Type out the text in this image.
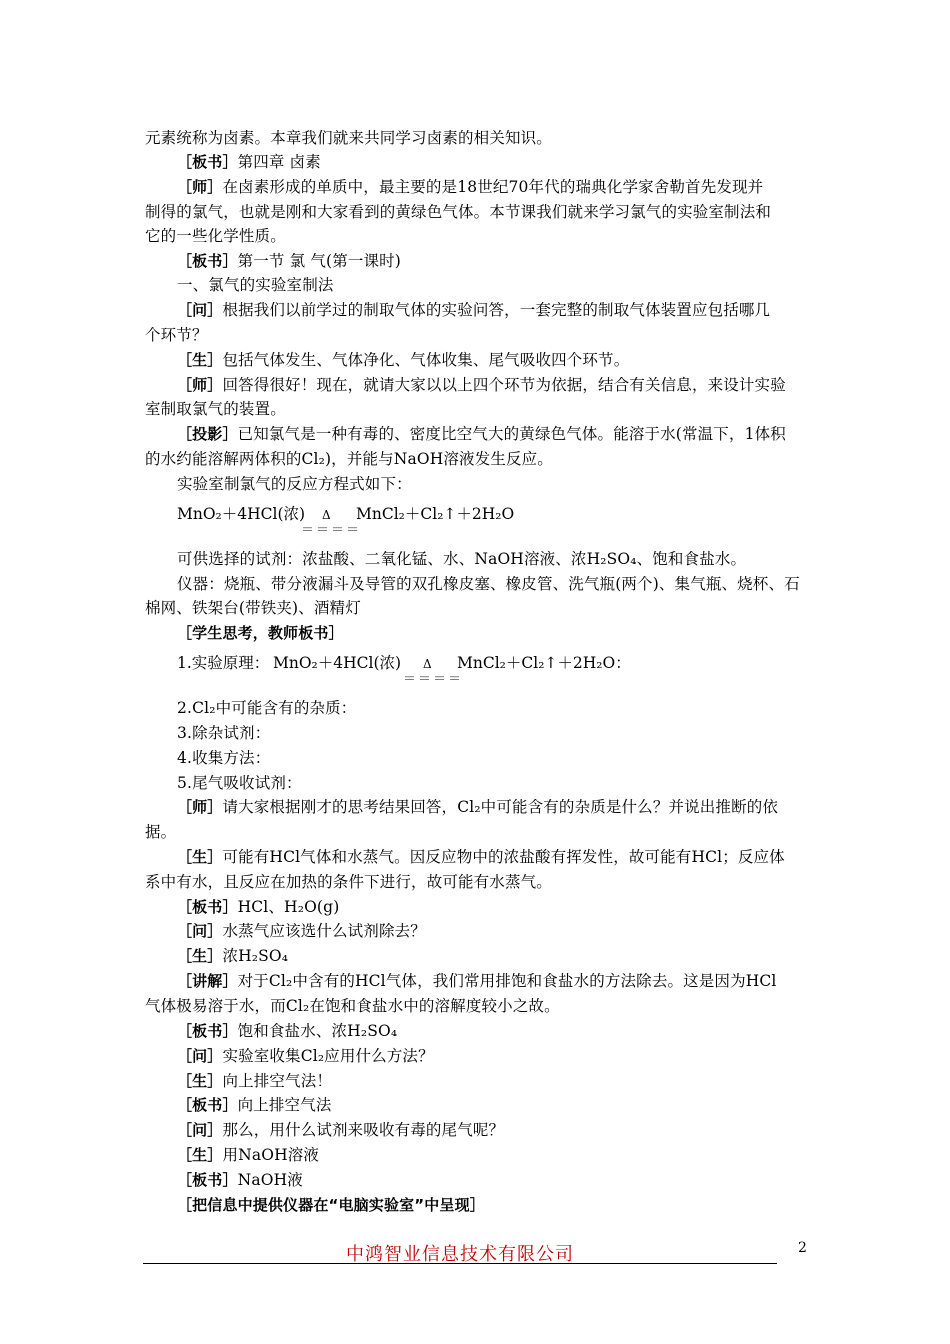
元素统称为卤素。本章我们就来共同学习卤素的相关知识。
［板书］第四章 卤素
［师］在卤素形成的单质中，最主要的是18世纪70年代的瑞典化学家舍勒首先发现并
制得的氯气，也就是刚和大家看到的黄绿色气体。本节课我们就来学习氯气的实验室制法和
它的一些化学性质。
［板书］第一节 氯 气(第一课时)
一、氯气的实验室制法
［问］根据我们以前学过的制取气体的实验问答，一套完整的制取气体装置应包括哪几
个环节？
［生］包括气体发生、气体净化、气体收集、尾气吸收四个环节。
［师］回答得很好！现在，就请大家以以上四个环节为依据，结合有关信息，来设计实验
室制取氯气的装置。
［投影］已知氯气是一种有毒的、密度比空气大的黄绿色气体。能溶于水(常温下，1体积
的水约能溶解两体积的Cl₂)，并能与NaOH溶液发生反应。
实验室制氯气的反应方程式如下：
MnO₂＋4HCl(浓) Δ
＝＝＝＝
MnCl₂＋Cl₂↑＋2H₂O
可供选择的试剂：浓盐酸、二氧化锰、水、NaOH溶液、浓H₂SO₄、饱和食盐水。
仪器：烧瓶、带分液漏斗及导管的双孔橡皮塞、橡皮管、洗气瓶(两个)、集气瓶、烧杯、石
棉网、铁架台(带铁夹)、酒精灯
［学生思考，教师板书］
1.实验原理： MnO₂＋4HCl(浓) Δ
＝＝＝＝
MnCl₂＋Cl₂↑＋2H₂O：
2.Cl₂中可能含有的杂质：
3.除杂试剂：
4.收集方法：
5.尾气吸收试剂：
［师］请大家根据刚才的思考结果回答，Cl₂中可能含有的杂质是什么？并说出推断的依
据。
［生］可能有HCl气体和水蒸气。因反应物中的浓盐酸有挥发性，故可能有HCl；反应体
系中有水，且反应在加热的条件下进行，故可能有水蒸气。
［板书］HCl、H₂O(g)
［问］水蒸气应该选什么试剂除去？
［生］浓H₂SO₄
［讲解］对于Cl₂中含有的HCl气体，我们常用排饱和食盐水的方法除去。这是因为HCl
气体极易溶于水，而Cl₂在饱和食盐水中的溶解度较小之故。
［板书］饱和食盐水、浓H₂SO₄
［问］实验室收集Cl₂应用什么方法？
［生］向上排空气法！
［板书］向上排空气法
［问］那么，用什么试剂来吸收有毒的尾气呢？
［生］用NaOH溶液
［板书］NaOH液
［把信息中提供仪器在“电脑实验室”中呈现］
中鸿智业信息技术有限公司	2
